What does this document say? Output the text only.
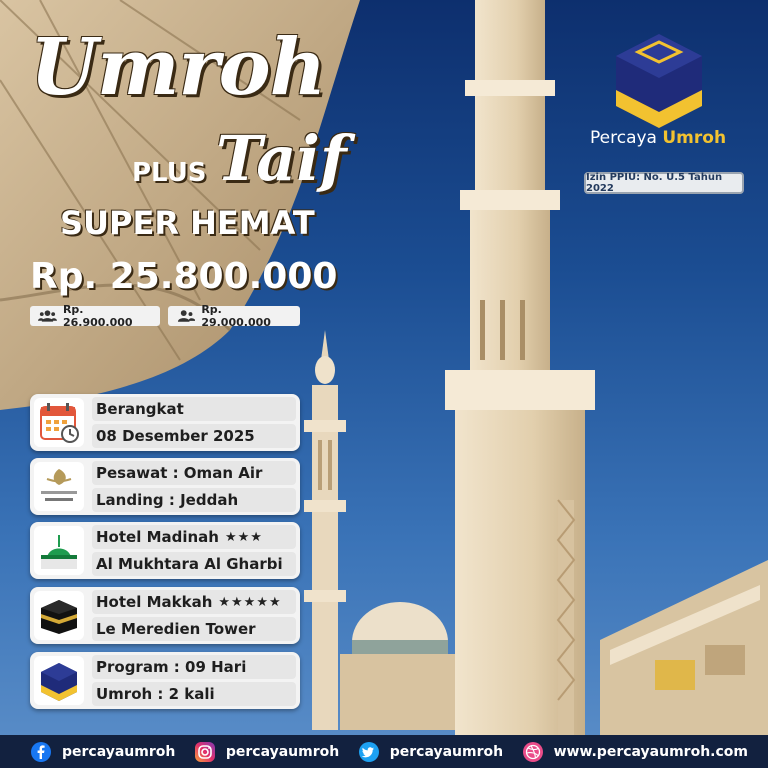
Umroh
PLUS Taif
SUPER HEMAT
Rp. 25.800.000
Rp. 26.900.000
Rp. 29.000.000
Percaya Umroh
Izin PPIU: No. U.5 Tahun 2022
Berangkat
08 Desember 2025
Pesawat : Oman Air
Landing : Jeddah
Hotel Madinah ★★★
Al Mukhtara Al Gharbi
Hotel Makkah ★★★★★
Le Meredien Tower
Program : 09 Hari
Umroh : 2 kali
percayaumroh	percayaumroh	percayaumroh	www.percayaumroh.com
